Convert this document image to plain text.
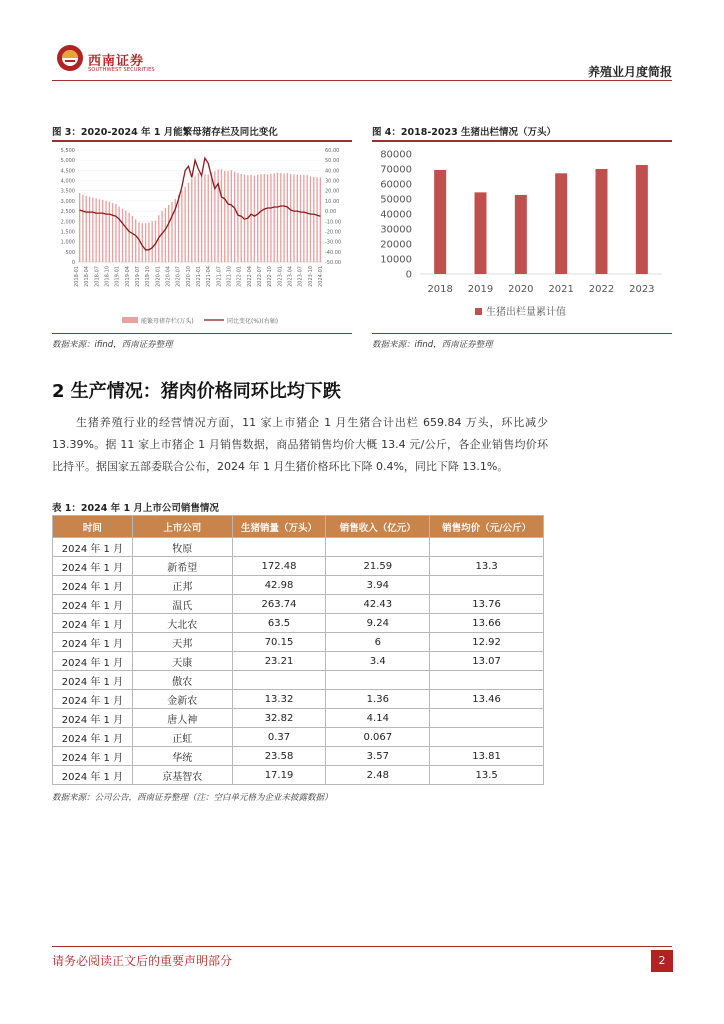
西南证券
SOUTHWEST SECURITIES	养殖业月度简报
图 3：2020-2024 年 1 月能繁母猪存栏及同比变化
5,500
5,000
4,500
4,000
3,500
3,000
2,500
2,000
1,500
1,000
500
0
60.00
50.00
40.00
30.00
20.00
10.00
0.00
-10.00
-20.00
-30.00
-40.00
-50.00
2018-01 2018-04 2018-07 2018-10 2019-01 2019-04 2019-07 2019-10 2020-01 2020-04 2020-07 2020-10 2021-01 2021-04 2021-07 2021-10 2022-01 2022-04 2022-07 2022-10 2023-01 2023-04 2023-07 2023-10 2024-01
能繁母猪存栏(万头)	同比变化(%)(右轴)
数据来源：ifind，西南证券整理
图 4：2018-2023 生猪出栏情况（万头）
80000
70000
60000
50000
40000
30000
20000
10000
0
2018 2019 2020 2021 2022 2023
生猪出栏量累计值
数据来源：ifind，西南证券整理
2 生产情况：猪肉价格同环比均下跌
生猪养殖行业的经营情况方面，11 家上市猪企 1 月生猪合计出栏 659.84 万头，环比减少 13.39%。据 11 家上市猪企 1 月销售数据，商品猪销售均价大概 13.4 元/公斤，各企业销售均价环比持平。据国家五部委联合公布，2024 年 1 月生猪价格环比下降 0.4%，同比下降 13.1%。
表 1：2024 年 1 月上市公司销售情况
时间	上市公司	生猪销量（万头）	销售收入（亿元）	销售均价（元/公斤）
2024 年 1 月	牧原			
2024 年 1 月	新希望	172.48	21.59	13.3
2024 年 1 月	正邦	42.98	3.94	
2024 年 1 月	温氏	263.74	42.43	13.76
2024 年 1 月	大北农	63.5	9.24	13.66
2024 年 1 月	天邦	70.15	6	12.92
2024 年 1 月	天康	23.21	3.4	13.07
2024 年 1 月	傲农			
2024 年 1 月	金新农	13.32	1.36	13.46
2024 年 1 月	唐人神	32.82	4.14	
2024 年 1 月	正虹	0.37	0.067	
2024 年 1 月	华统	23.58	3.57	13.81
2024 年 1 月	京基智农	17.19	2.48	13.5
数据来源：公司公告，西南证券整理（注：空白单元格为企业未披露数据）
请务必阅读正文后的重要声明部分	2
